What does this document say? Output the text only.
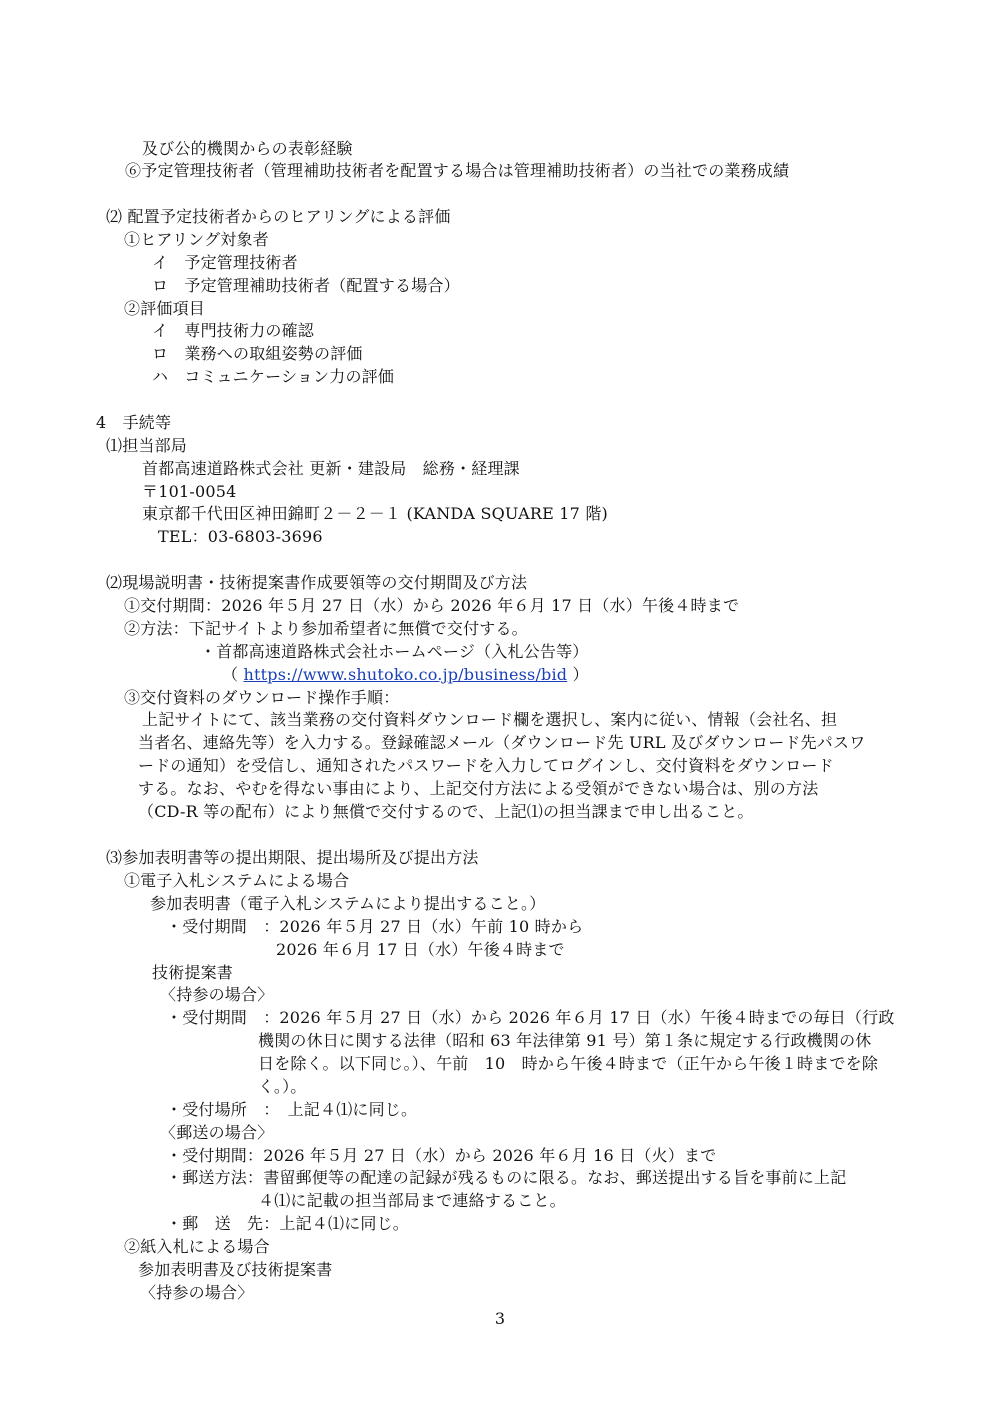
及び公的機関からの表彰経験
⑥予定管理技術者（管理補助技術者を配置する場合は管理補助技術者）の当社での業務成績
⑵ 配置予定技術者からのヒアリングによる評価
①ヒアリング対象者
イ　予定管理技術者
ロ　予定管理補助技術者（配置する場合）
②評価項目
イ　専門技術力の確認
ロ　業務への取組姿勢の評価
ハ　コミュニケーション力の評価
4　手続等
⑴担当部局
首都高速道路株式会社 更新・建設局　総務・経理課
〒101-0054
東京都千代田区神田錦町２－２－１ (KANDA SQUARE 17 階)
TEL：03-6803-3696
⑵現場説明書・技術提案書作成要領等の交付期間及び方法
①交付期間：2026 年５月 27 日（水）から 2026 年６月 17 日（水）午後４時まで
②方法：下記サイトより参加希望者に無償で交付する。
・首都高速道路株式会社ホームページ（入札公告等）
（ https://www.shutoko.co.jp/business/bid ）
③交付資料のダウンロード操作手順：
上記サイトにて、該当業務の交付資料ダウンロード欄を選択し、案内に従い、情報（会社名、担
当者名、連絡先等）を入力する。登録確認メール（ダウンロード先 URL 及びダウンロード先パスワ
ードの通知）を受信し、通知されたパスワードを入力してログインし、交付資料をダウンロード
する。なお、やむを得ない事由により、上記交付方法による受領ができない場合は、別の方法
（CD-R 等の配布）により無償で交付するので、上記⑴の担当課まで申し出ること。
⑶参加表明書等の提出期限、提出場所及び提出方法
①電子入札システムによる場合
参加表明書（電子入札システムにより提出すること。）
・受付期間　：2026 年５月 27 日（水）午前 10 時から
2026 年６月 17 日（水）午後４時まで
技術提案書
〈持参の場合〉
・受付期間　：2026 年５月 27 日（水）から 2026 年６月 17 日（水）午後４時までの毎日（行政
機関の休日に関する法律（昭和 63 年法律第 91 号）第１条に規定する行政機関の休
日を除く。以下同じ。）、午前　10　時から午後４時まで（正午から午後１時までを除
く。）。
・受付場所　：　上記４⑴に同じ。
〈郵送の場合〉
・受付期間：2026 年５月 27 日（水）から 2026 年６月 16 日（火）まで
・郵送方法：書留郵便等の配達の記録が残るものに限る。なお、郵送提出する旨を事前に上記
４⑴に記載の担当部局まで連絡すること。
・郵　送　先：上記４⑴に同じ。
②紙入札による場合
参加表明書及び技術提案書
〈持参の場合〉
3
